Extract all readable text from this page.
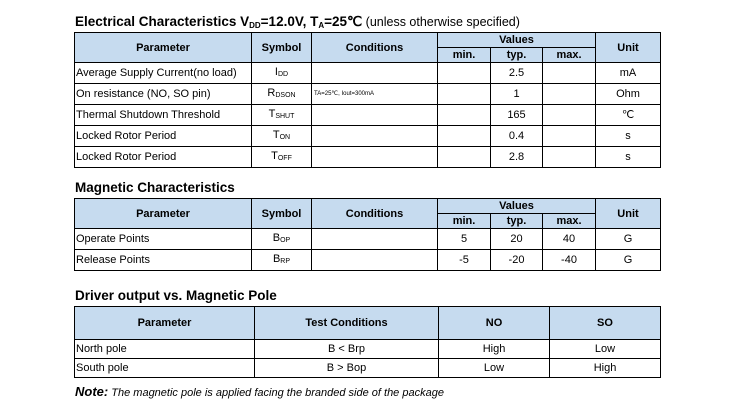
Electrical Characteristics $V_{DD}=12.0V$, $T_A=25℃$ (unless otherwise specified)
Parameter	Symbol	Conditions	Values			Unit
			min.	typ.	max.	
Average Supply Current(no load)	$I_{DD}$			2.5		mA
On resistance (NO, SO pin)	$R_{DSON}$	TA=25℃, Iout=300mA		1		Ohm
Thermal Shutdown Threshold	$T_{SHUT}$			165		℃
Locked Rotor Period	$T_{ON}$			0.4		s
Locked Rotor Period	$T_{OFF}$			2.8		s
Magnetic Characteristics
Parameter	Symbol	Conditions	Values			Unit
			min.	typ.	max.	
Operate Points	$B_{OP}$		5	20	40	G
Release Points	$B_{RP}$		-5	-20	-40	G
Driver output vs. Magnetic Pole
Parameter	Test Conditions	NO	SO
North pole	B < Brp	High	Low
South pole	B > Bop	Low	High
Note: The magnetic pole is applied facing the branded side of the package
